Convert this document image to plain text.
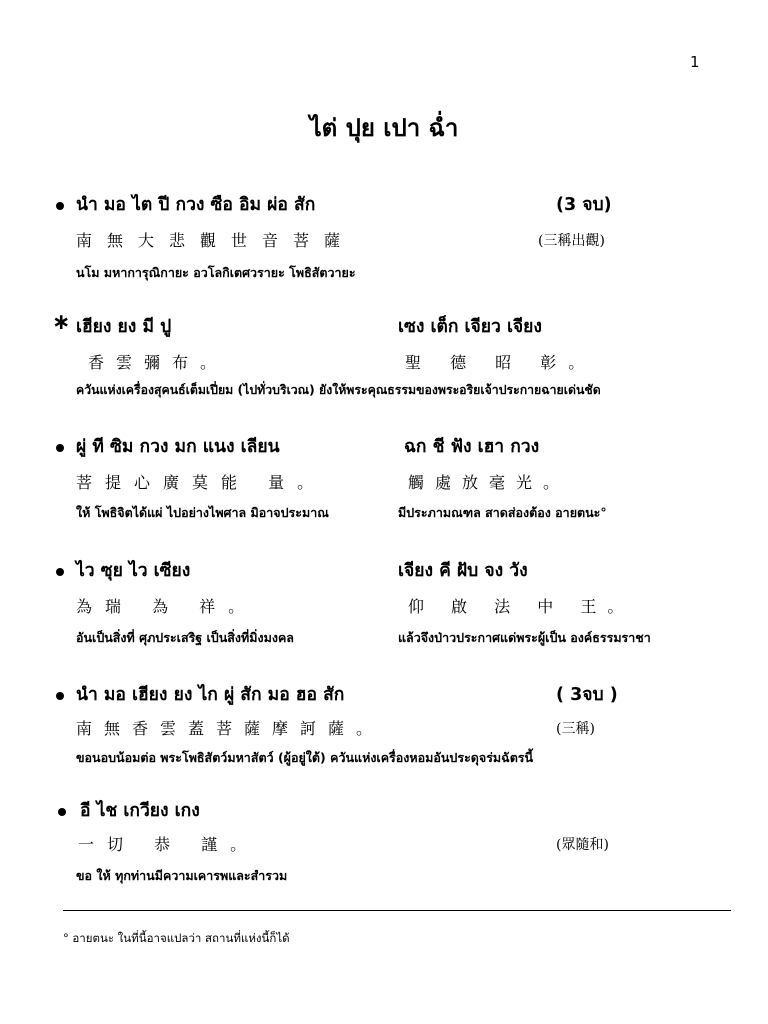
1
ไต่ ปุย เปา ฉ่ำ
นำ มอ ไต ปี กวง ซือ อิม ผ่อ สัก	(3 จบ)
南無大悲觀世音菩薩	(三稱出觀)
นโม มหาการุณิกายะ อวโลกิเตศวรายะ โพธิสัตวายะ
∗ เฮียง ยง มี ปู	เซง เต็ก เจียว เจียง
香雲彌布。	聖 德 昭 彰。
ควันแห่งเครื่องสุคนธ์เต็มเปี่ยม (ไปทั่วบริเวณ) ยังให้พระคุณธรรมของพระอริยเจ้าประกายฉายเด่นชัด
ผู่ ที ซิม กวง มก แนง เลียน	ฉก ชี ฟัง เฮา กวง
菩提心廣莫能 量。	觸處放毫光。
ให้ โพธิจิตได้แผ่ ไปอย่างไพศาล มิอาจประมาณ	มีประภามณฑล สาดส่องต้อง อายตนะ°
ไว ซุย ไว เซียง	เจียง คี ฝับ จง วัง
為瑞 為 祥。	仰 啟 法 中 王。
อันเป็นสิ่งที่ ศุภประเสริฐ เป็นสิ่งที่มิ่งมงคล	แล้วจึงป่าวประกาศแด่พระผู้เป็น องค์ธรรมราชา
นำ มอ เฮียง ยง ไก ผู่ สัก มอ ฮอ สัก	( 3จบ )
南無香雲蓋菩薩摩訶薩。	(三稱)
ขอนอบน้อมต่อ พระโพธิสัตว์มหาสัตว์ (ผู้อยู่ใต้) ควันแห่งเครื่องหอมอันประดุจร่มฉัตรนี้
อี ไช เกวียง เกง
一切 恭 謹。	(眾隨和)
ขอ ให้ ทุกท่านมีความเคารพและสำรวม
° อายตนะ ในที่นี้อาจแปลว่า สถานที่แห่งนี้ก็ได้
